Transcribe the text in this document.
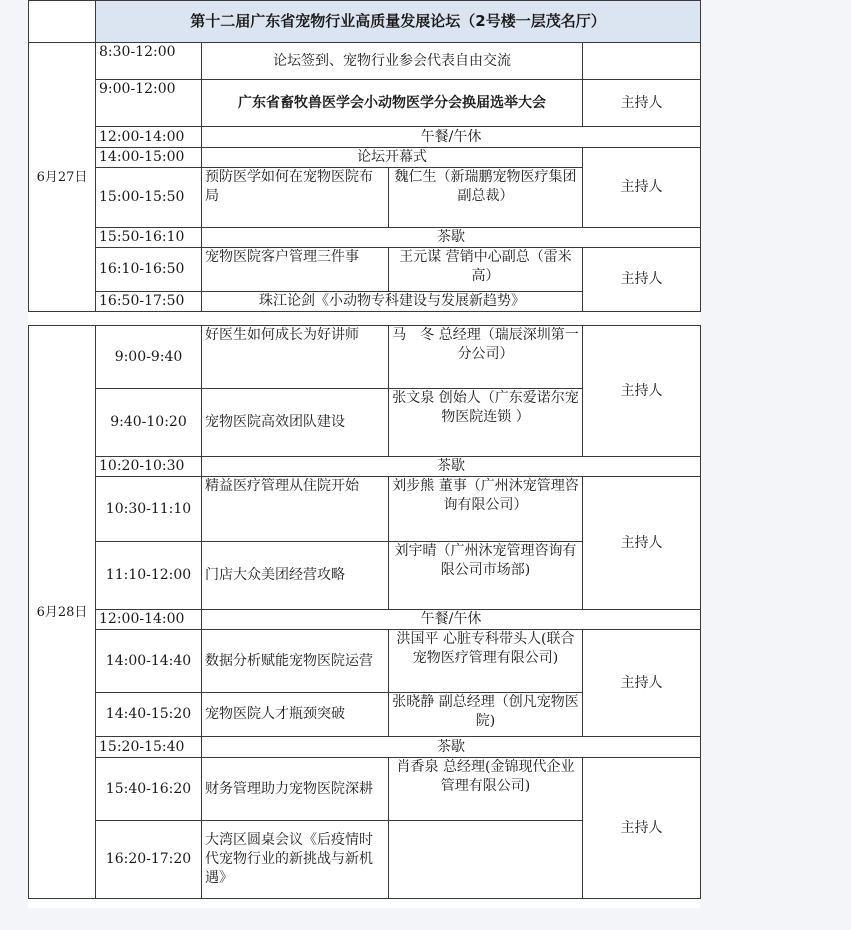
	第十二届广东省宠物行业高质量发展论坛（2号楼一层茂名厅）			
6月27日	8:30-12:00	论坛签到、宠物行业参会代表自由交流		
	9:00-12:00	广东省畜牧兽医学会小动物医学分会换届选举大会		主持人
	12:00-14:00	午餐/午休		
	14:00-15:00	论坛开幕式		主持人
	15:00-15:50	预防医学如何在宠物医院布局	魏仁生（新瑞鹏宠物医疗集团副总裁）	
	15:50-16:10	茶歇		
	16:10-16:50	宠物医院客户管理三件事	王元谋 营销中心副总（雷米高）	主持人
	16:50-17:50	珠江论剑《小动物专科建设与发展新趋势》		
6月28日	9:00-9:40	好医生如何成长为好讲师	马　冬 总经理（瑞辰深圳第一分公司）	主持人
	9:40-10:20	宠物医院高效团队建设	张文泉 创始人（广东爱诺尔宠物医院连锁 ）	
	10:20-10:30	茶歇		
	10:30-11:10	精益医疗管理从住院开始	刘步熊 董事（广州沐宠管理咨询有限公司）	主持人
	11:10-12:00	门店大众美团经营攻略	刘宇晴（广州沐宠管理咨询有限公司市场部)	
	12:00-14:00	午餐/午休		
	14:00-14:40	数据分析赋能宠物医院运营	洪国平 心脏专科带头人(联合宠物医疗管理有限公司)	主持人
	14:40-15:20	宠物医院人才瓶颈突破	张晓静 副总经理（创凡宠物医院)	
	15:20-15:40	茶歇		
	15:40-16:20	财务管理助力宠物医院深耕	肖香泉 总经理(金锦现代企业管理有限公司)	主持人
	16:20-17:20	大湾区圆桌会议《后疫情时代宠物行业的新挑战与新机遇》		
